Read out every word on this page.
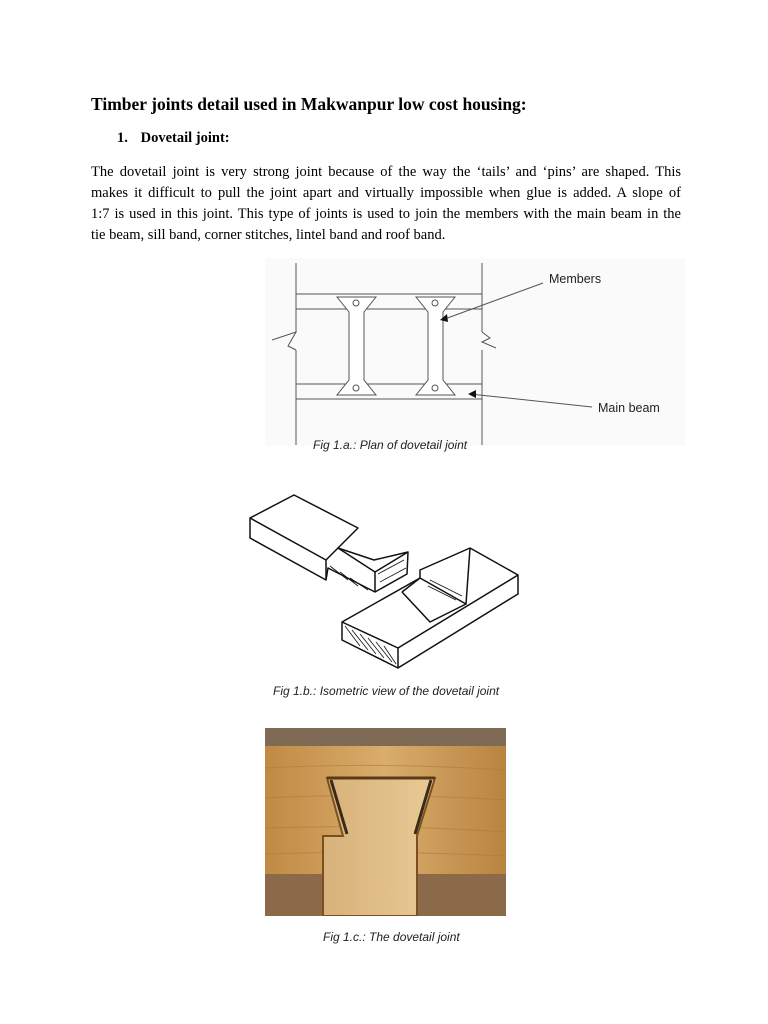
Timber joints detail used in Makwanpur low cost housing:
1. Dovetail joint:
The dovetail joint is very strong joint because of the way the ‘tails’ and ‘pins’ are shaped. This
makes it difficult to pull the joint apart and virtually impossible when glue is added. A slope of
1:7 is used in this joint. This type of joints is used to join the members with the main beam in the
tie beam, sill band, corner stitches, lintel band and roof band.
Members
Main beam
Fig 1.a.: Plan of dovetail joint
Fig 1.b.: Isometric view of the dovetail joint
Fig 1.c.: The dovetail joint
